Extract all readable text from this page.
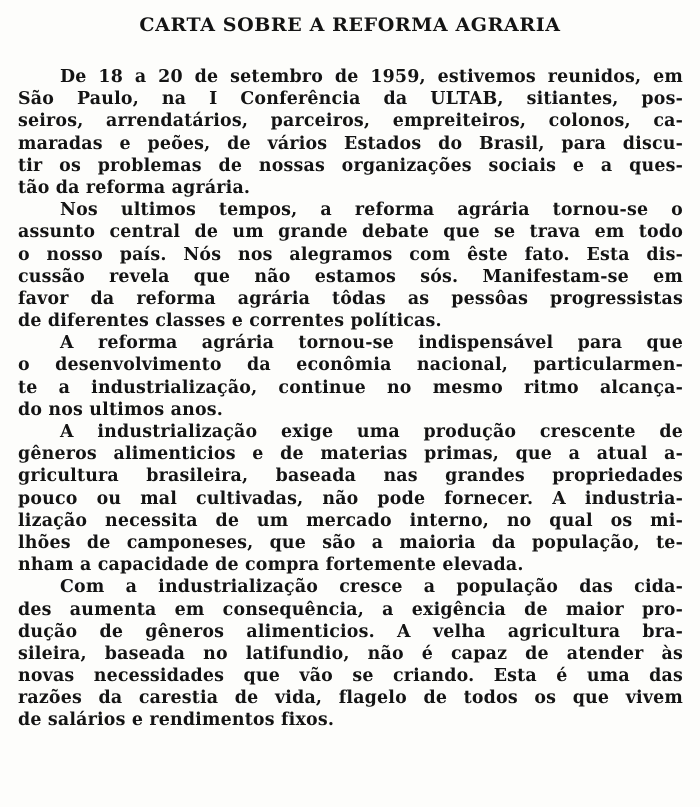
CARTA SOBRE A REFORMA AGRARIA
De 18 a 20 de setembro de 1959, estivemos reunidos, em
São Paulo, na I Conferência da ULTAB, sitiantes, pos-
seiros, arrendatários, parceiros, empreiteiros, colonos, ca-
maradas e peões, de vários Estados do Brasil, para discu-
tir os problemas de nossas organizações sociais e a ques-
tão da reforma agrária.
Nos ultimos tempos, a reforma agrária tornou-se o
assunto central de um grande debate que se trava em todo
o nosso país. Nós nos alegramos com êste fato. Esta dis-
cussão revela que não estamos sós. Manifestam-se em
favor da reforma agrária tôdas as pessôas progressistas
de diferentes classes e correntes políticas.
A reforma agrária tornou-se indispensável para que
o desenvolvimento da econômia nacional, particularmen-
te a industrialização, continue no mesmo ritmo alcança-
do nos ultimos anos.
A industrialização exige uma produção crescente de
gêneros alimenticios e de materias primas, que a atual a-
gricultura brasileira, baseada nas grandes propriedades
pouco ou mal cultivadas, não pode fornecer. A industria-
lização necessita de um mercado interno, no qual os mi-
lhões de camponeses, que são a maioria da população, te-
nham a capacidade de compra fortemente elevada.
Com a industrialização cresce a população das cida-
des aumenta em consequência, a exigência de maior pro-
dução de gêneros alimenticios. A velha agricultura bra-
sileira, baseada no latifundio, não é capaz de atender às
novas necessidades que vão se criando. Esta é uma das
razões da carestia de vida, flagelo de todos os que vivem
de salários e rendimentos fixos.
